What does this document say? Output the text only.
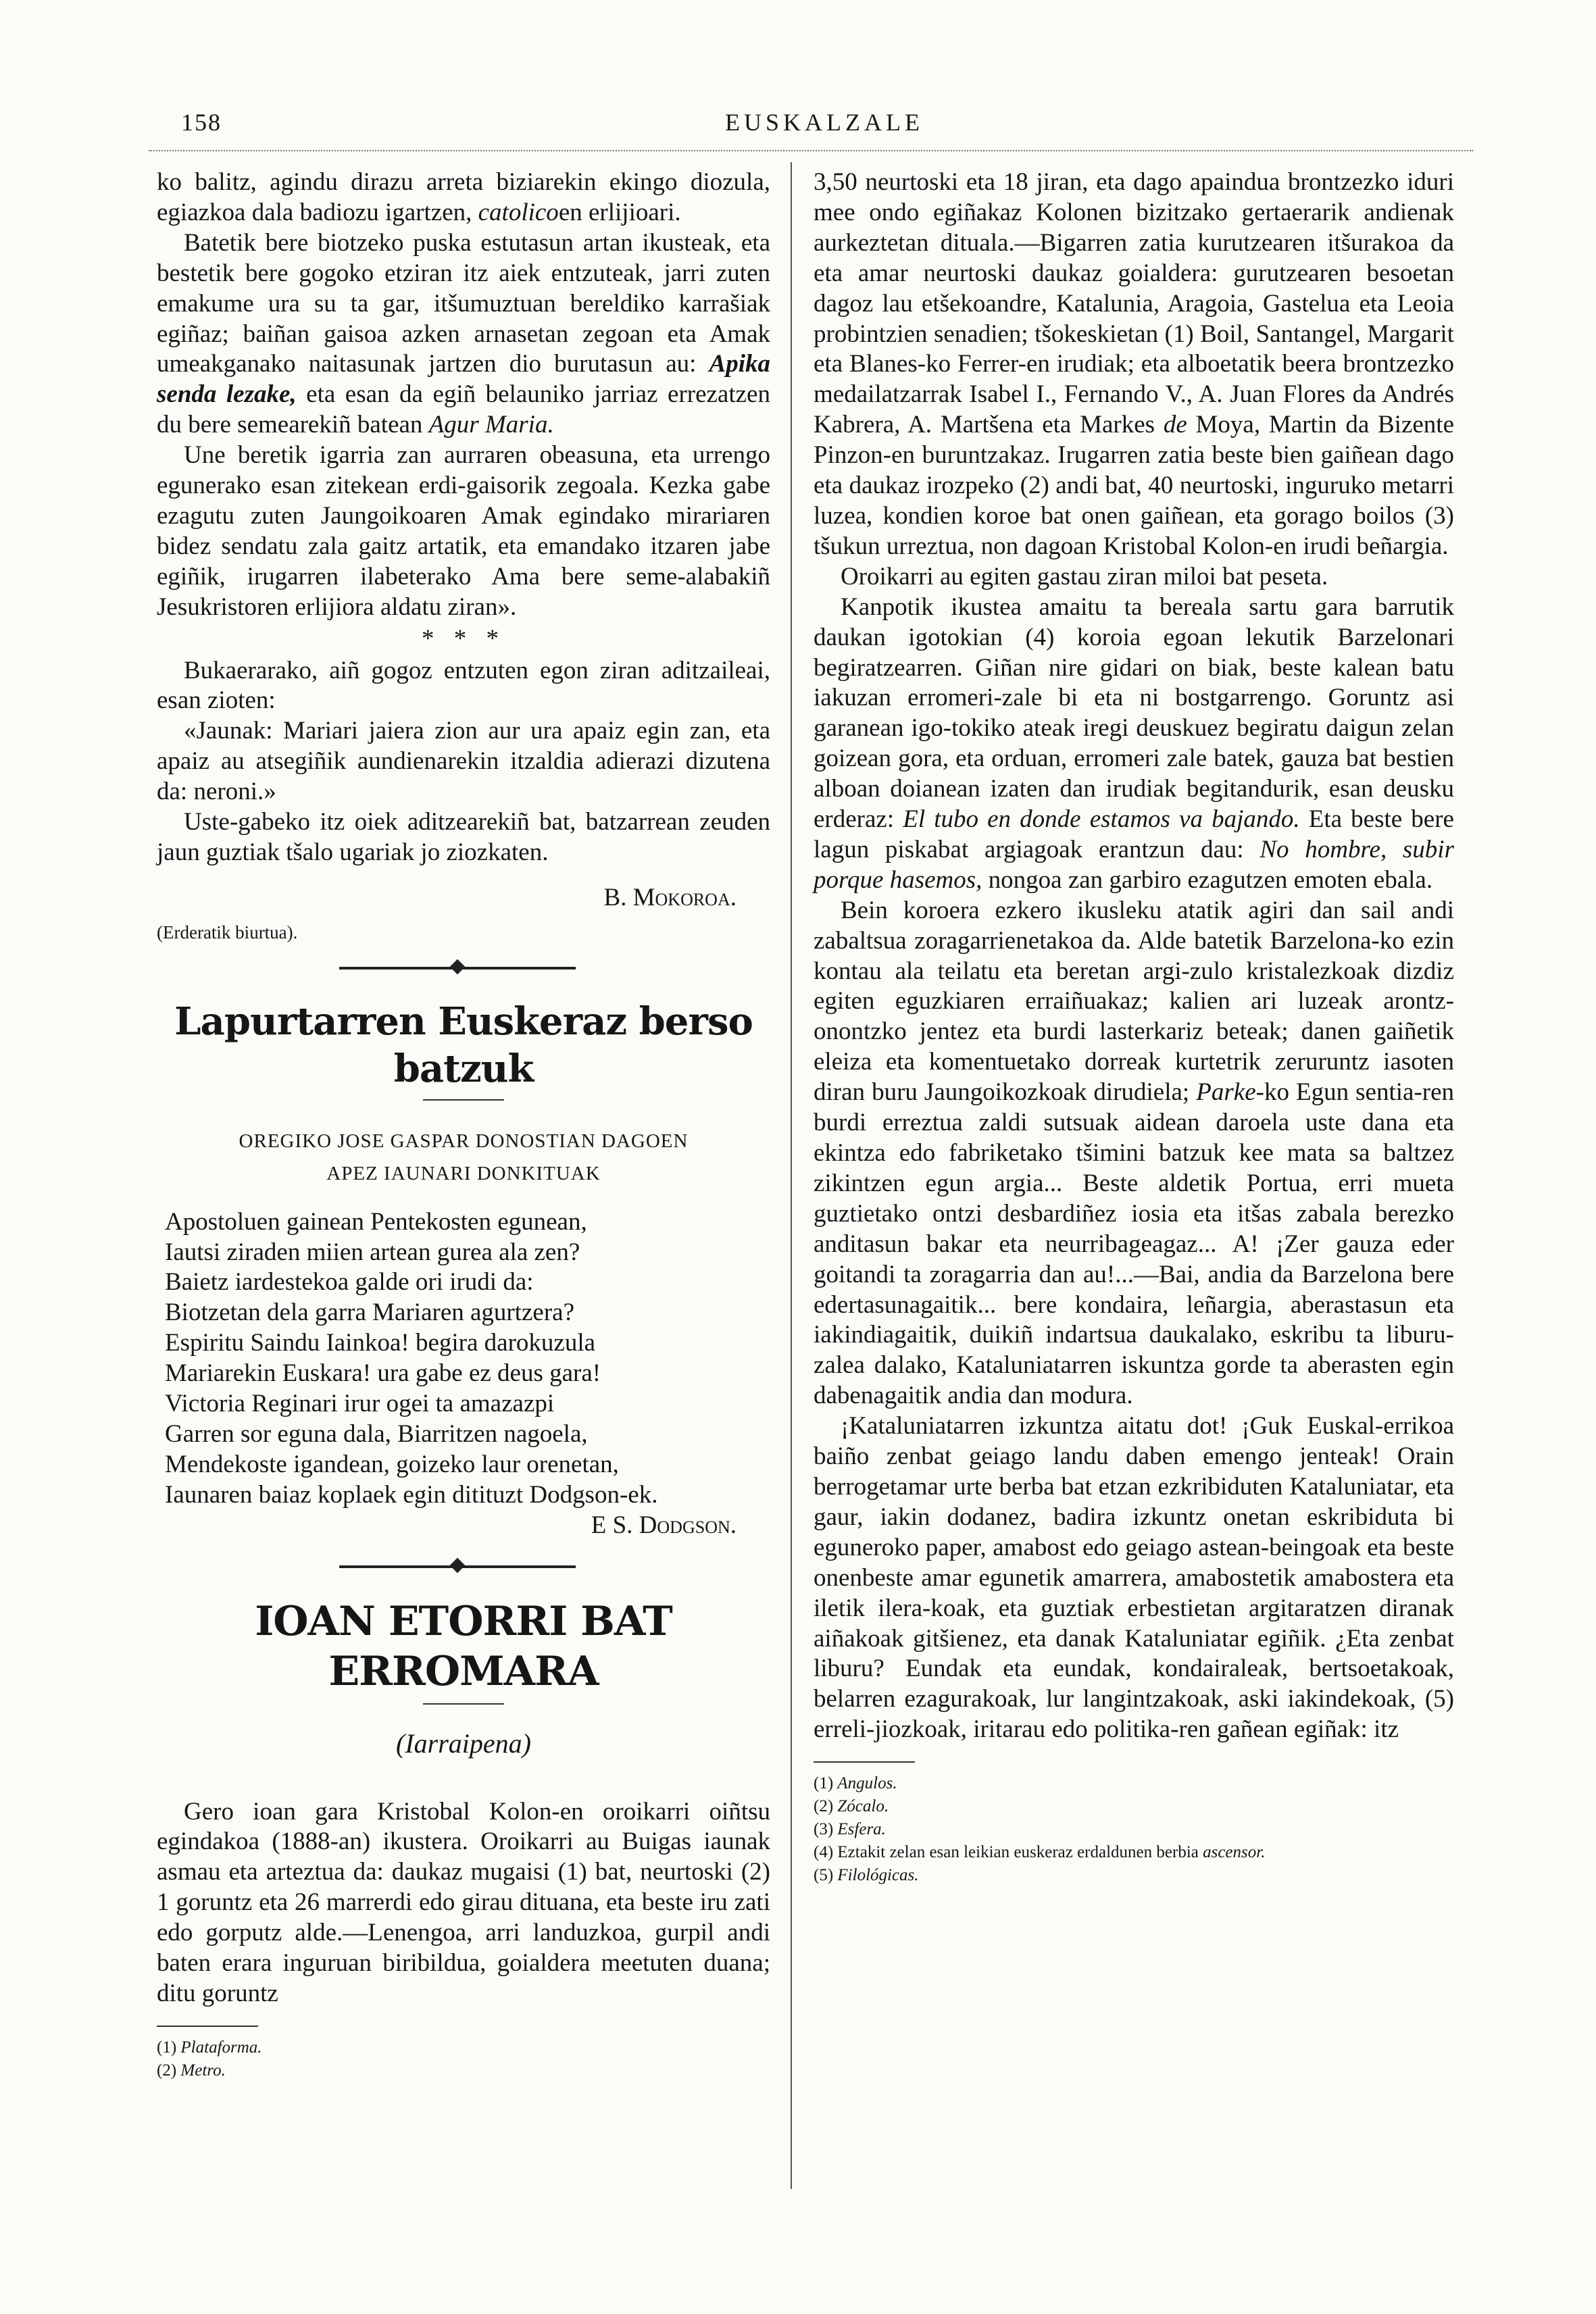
158	EUSKALZALE

ko balitz, agindu dirazu arreta biziarekin ekingo diozula, egiazkoa dala badiozu igartzen, catolicoen erlijioari.

Batetik bere biotzeko puska estutasun artan ikusteak, eta bestetik bere gogoko etziran itz aiek entzuteak, jarri zuten emakume ura su ta gar, itšumuztuan bereldiko karrašiak egiñaz; baiñan gaisoa azken arnasetan zegoan eta Amak umeakganako naitasunak jartzen dio burutasun au: Apika senda lezake, eta esan da egiñ belauniko jarriaz errezatzen du bere semearekiñ batean Agur Maria.

Une beretik igarria zan aurraren obeasuna, eta urrengo egunerako esan zitekean erdi-gaisorik zegoala. Kezka gabe ezagutu zuten Jaungoikoaren Amak egindako mirariaren bidez sendatu zala gaitz artatik, eta emandako itzaren jabe egiñik, irugarren ilabeterako Ama bere seme-alabakiñ Jesukristoren erlijiora aldatu ziran».

* * *

Bukaerarako, aiñ gogoz entzuten egon ziran aditzaileai, esan zioten:

«Jaunak: Mariari jaiera zion aur ura apaiz egin zan, eta apaiz au atsegiñik aundienarekin itzaldia adierazi dizutena da: neroni.»

Uste-gabeko itz oiek aditzearekiñ bat, batzarrean zeuden jaun guztiak tšalo ugariak jo ziozkaten.

B. Mokoroa.

(Erderatik biurtua).

Lapurtarren Euskeraz berso batzuk

OREGIKO JOSE GASPAR DONOSTIAN DAGOEN

APEZ IAUNARI DONKITUAK

Apostoluen gainean Pentekosten egunean,
Iautsi ziraden miien artean gurea ala zen?
Baietz iardestekoa galde ori irudi da:
Biotzetan dela garra Mariaren agurtzera?
Espiritu Saindu Iainkoa! begira darokuzula
Mariarekin Euskara! ura gabe ez deus gara!
Victoria Reginari irur ogei ta amazazpi
Garren sor eguna dala, Biarritzen nagoela,
Mendekoste igandean, goizeko laur orenetan,
Iaunaren baiaz koplaek egin ditituzt Dodgson-ek.

E S. Dodgson.

IOAN ETORRI BAT ERROMARA

(Iarraipena)

Gero ioan gara Kristobal Kolon-en oroikarri oiñtsu egindakoa (1888-an) ikustera. Oroikarri au Buigas iaunak asmau eta arteztua da: daukaz mugaisi (1) bat, neurtoski (2) 1 goruntz eta 26 marrerdi edo girau dituana, eta beste iru zati edo gorputz alde.—Lenengoa, arri landuzkoa, gurpil andi baten erara inguruan biribildua, goialdera meetuten duana; ditu goruntz

(1) Plataforma.
(2) Metro.

3,50 neurtoski eta 18 jiran, eta dago apaindua brontzezko iduri mee ondo egiñakaz Kolonen bizitzako gertaerarik andienak aurkeztetan dituala.—Bigarren zatia kurutzearen itšurakoa da eta amar neurtoski daukaz goialdera: gurutzearen besoetan dagoz lau etšekoandre, Katalunia, Aragoia, Gastelua eta Leoia probintzien senadien; tšokeskietan (1) Boil, Santangel, Margarit eta Blanes-ko Ferrer-en irudiak; eta alboetatik beera brontzezko medailatzarrak Isabel I., Fernando V., A. Juan Flores da Andrés Kabrera, A. Martšena eta Markes de Moya, Martin da Bizente Pinzon-en buruntzakaz. Irugarren zatia beste bien gaiñean dago eta daukaz irozpeko (2) andi bat, 40 neurtoski, inguruko metarri luzea, kondien koroe bat onen gaiñean, eta gorago boilos (3) tšukun urreztua, non dagoan Kristobal Kolon-en irudi beñargia.

Oroikarri au egiten gastau ziran miloi bat peseta.

Kanpotik ikustea amaitu ta bereala sartu gara barrutik daukan igotokian (4) koroia egoan lekutik Barzelonari begiratzearren. Giñan nire gidari on biak, beste kalean batu iakuzan erromeri-zale bi eta ni bostgarrengo. Goruntz asi garanean igo-tokiko ateak iregi deuskuez begiratu daigun zelan goizean gora, eta orduan, erromeri zale batek, gauza bat bestien alboan doianean izaten dan irudiak begitandurik, esan deusku erderaz: El tubo en donde estamos va bajando. Eta beste bere lagun piskabat argiagoak erantzun dau: No hombre, subir porque hasemos, nongoa zan garbiro ezagutzen emoten ebala.

Bein koroera ezkero ikusleku atatik agiri dan sail andi zabaltsua zoragarrienetakoa da. Alde batetik Barzelona-ko ezin kontau ala teilatu eta beretan argi-zulo kristalezkoak dizdiz egiten eguzkiaren erraiñuakaz; kalien ari luzeak arontz-onontzko jentez eta burdi lasterkariz beteak; danen gaiñetik eleiza eta komentuetako dorreak kurtetrik zeruruntz iasoten diran buru Jaungoikozkoak dirudiela; Parke-ko Egun sentia-ren burdi erreztua zaldi sutsuak aidean daroela uste dana eta ekintza edo fabriketako tšimini batzuk kee mata sa baltzez zikintzen egun argia... Beste aldetik Portua, erri mueta guztietako ontzi desbardiñez iosia eta itšas zabala berezko anditasun bakar eta neurribageagaz... A! ¡Zer gauza eder goitandi ta zoragarria dan au!...—Bai, andia da Barzelona bere edertasunagaitik... bere kondaira, leñargia, aberastasun eta iakindiagaitik, duikiñ indartsua daukalako, eskribu ta liburu-zalea dalako, Kataluniatarren iskuntza gorde ta aberasten egin dabenagaitik andia dan modura.

¡Kataluniatarren izkuntza aitatu dot! ¡Guk Euskal-errikoa baiño zenbat geiago landu daben emengo jenteak! Orain berrogetamar urte berba bat etzan ezkribiduten Kataluniatar, eta gaur, iakin dodanez, badira izkuntz onetan eskribiduta bi eguneroko paper, amabost edo geiago astean-beingoak eta beste onenbeste amar egunetik amarrera, amabostetik amabostera eta iletik ilera-koak, eta guztiak erbestietan argitaratzen diranak aiñakoak gitšienez, eta danak Kataluniatar egiñik. ¿Eta zenbat liburu? Eundak eta eundak, kondairaleak, bertsoetakoak, belarren ezagurakoak, lur langintzakoak, aski iakindekoak, (5) erreli-jiozkoak, iritarau edo politika-ren gañean egiñak: itz

(1) Angulos.
(2) Zócalo.
(3) Esfera.
(4) Eztakit zelan esan leikian euskeraz erdaldunen berbia ascensor.
(5) Filológicas.
